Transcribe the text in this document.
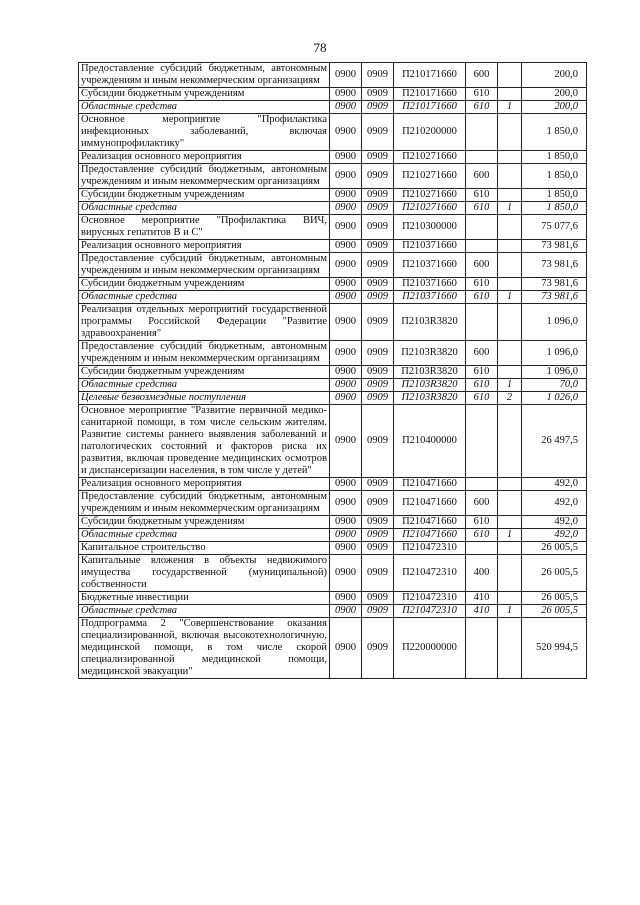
78
Предоставление субсидий бюджетным, автономным учреждениям и иным некоммерческим организациям	0900	0909	П210171660	600		200,0
Субсидии бюджетным учреждениям	0900	0909	П210171660	610		200,0
Областные средства	0900	0909	П210171660	610	1	200,0
Основное мероприятие "Профилактика инфекционных заболеваний, включая иммунопрофилактику"	0900	0909	П210200000			1 850,0
Реализация основного мероприятия	0900	0909	П210271660			1 850,0
Предоставление субсидий бюджетным, автономным учреждениям и иным некоммерческим организациям	0900	0909	П210271660	600		1 850,0
Субсидии бюджетным учреждениям	0900	0909	П210271660	610		1 850,0
Областные средства	0900	0909	П210271660	610	1	1 850,0
Основное мероприятие "Профилактика ВИЧ, вирусных гепатитов В и С"	0900	0909	П210300000			75 077,6
Реализация основного мероприятия	0900	0909	П210371660			73 981,6
Предоставление субсидий бюджетным, автономным учреждениям и иным некоммерческим организациям	0900	0909	П210371660	600		73 981,6
Субсидии бюджетным учреждениям	0900	0909	П210371660	610		73 981,6
Областные средства	0900	0909	П210371660	610	1	73 981,6
Реализация отдельных мероприятий государственной программы Российской Федерации "Развитие здравоохранения"	0900	0909	П2103R3820			1 096,0
Предоставление субсидий бюджетным, автономным учреждениям и иным некоммерческим организациям	0900	0909	П2103R3820	600		1 096,0
Субсидии бюджетным учреждениям	0900	0909	П2103R3820	610		1 096,0
Областные средства	0900	0909	П2103R3820	610	1	70,0
Целевые безвозмездные поступления	0900	0909	П2103R3820	610	2	1 026,0
Основное мероприятие "Развитие первичной медико-санитарной помощи, в том числе сельским жителям. Развитие системы раннего выявления заболеваний и патологических состояний и факторов риска их развития, включая проведение медицинских осмотров и диспансеризации населения, в том числе у детей"	0900	0909	П210400000			26 497,5
Реализация основного мероприятия	0900	0909	П210471660			492,0
Предоставление субсидий бюджетным, автономным учреждениям и иным некоммерческим организациям	0900	0909	П210471660	600		492,0
Субсидии бюджетным учреждениям	0900	0909	П210471660	610		492,0
Областные средства	0900	0909	П210471660	610	1	492,0
Капитальное строительство	0900	0909	П210472310			26 005,5
Капитальные вложения в объекты недвижимого имущества государственной (муниципальной) собственности	0900	0909	П210472310	400		26 005,5
Бюджетные инвестиции	0900	0909	П210472310	410		26 005,5
Областные средства	0900	0909	П210472310	410	1	26 005,5
Подпрограмма 2 "Совершенствование оказания специализированной, включая высокотехнологичную, медицинской помощи, в том числе скорой специализированной медицинской помощи, медицинской эвакуации"	0900	0909	П220000000			520 994,5
